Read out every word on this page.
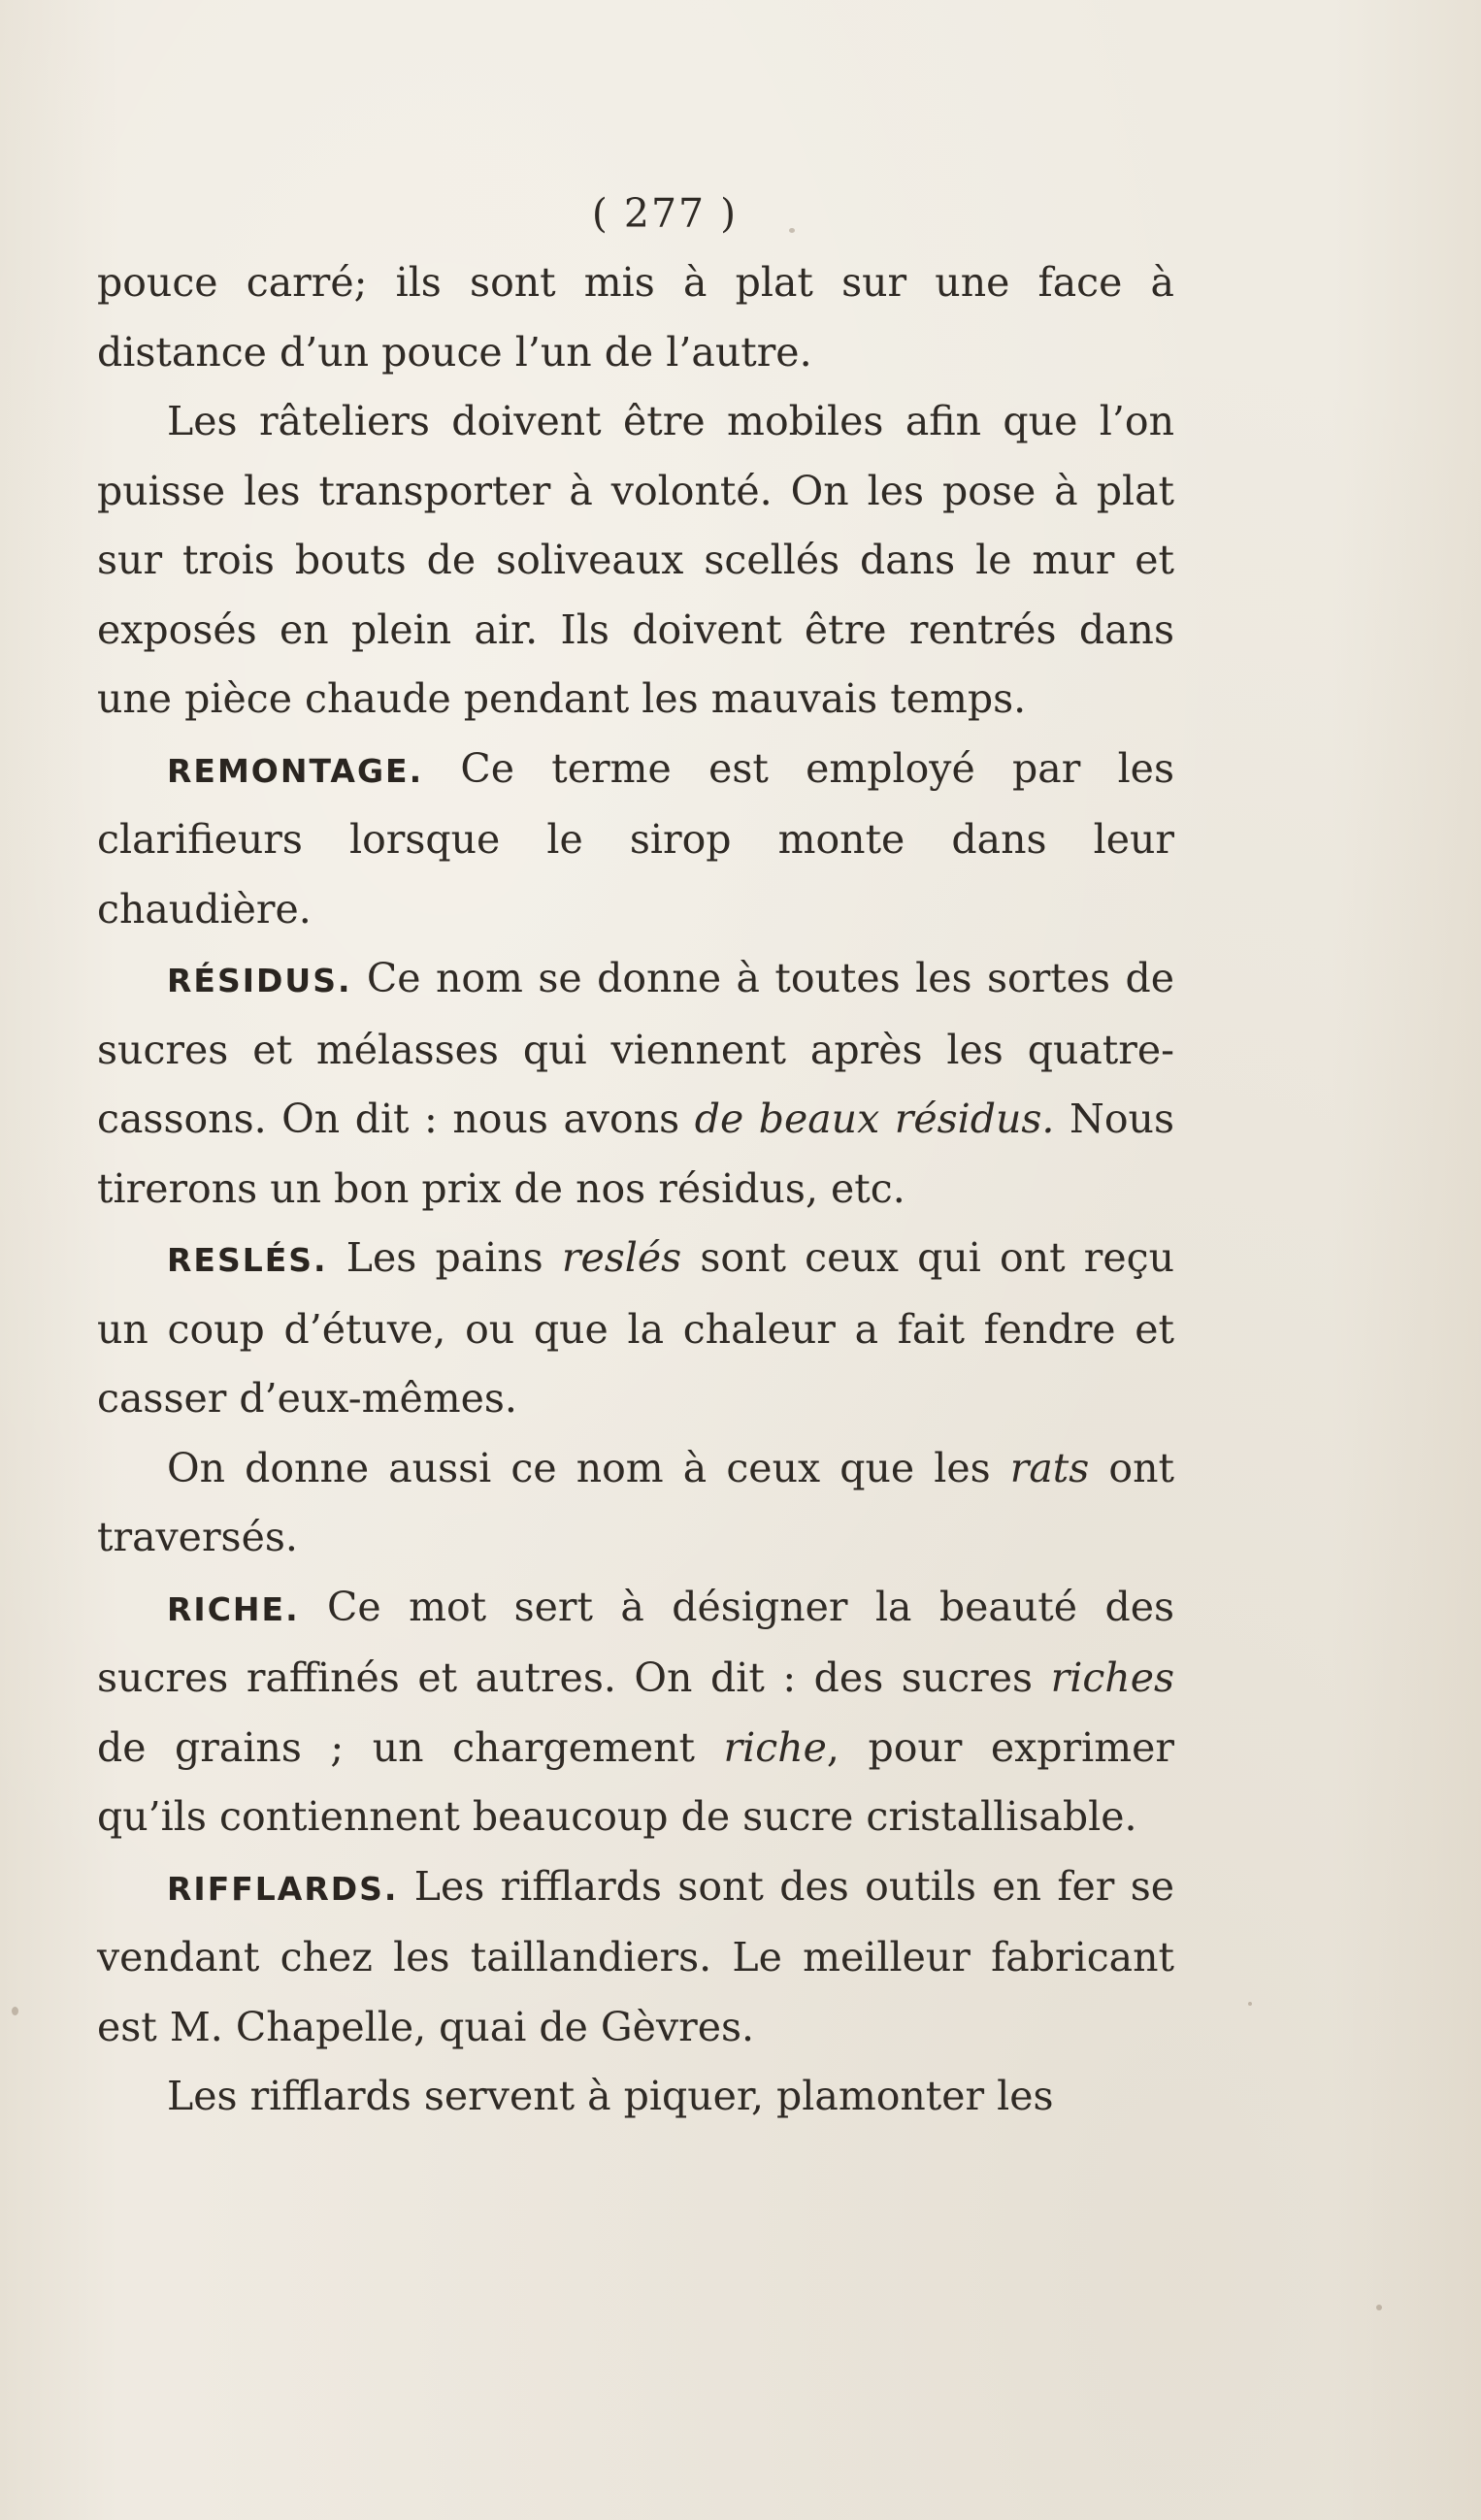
( 277 )

pouce carré; ils sont mis à plat sur une face à distance d’un pouce l’un de l’autre.

Les râteliers doivent être mobiles afin que l’on puisse les transporter à volonté. On les pose à plat sur trois bouts de soliveaux scellés dans le mur et exposés en plein air. Ils doivent être rentrés dans une pièce chaude pendant les mauvais temps.

REMONTAGE. Ce terme est employé par les clarifieurs lorsque le sirop monte dans leur chaudière.

RÉSIDUS. Ce nom se donne à toutes les sortes de sucres et mélasses qui viennent après les quatre-cassons. On dit : nous avons de beaux résidus. Nous tirerons un bon prix de nos résidus, etc.

RESLÉS. Les pains reslés sont ceux qui ont reçu un coup d’étuve, ou que la chaleur a fait fendre et casser d’eux-mêmes.

On donne aussi ce nom à ceux que les rats ont traversés.

RICHE. Ce mot sert à désigner la beauté des sucres raffinés et autres. On dit : des sucres riches de grains ; un chargement riche, pour exprimer qu’ils contiennent beaucoup de sucre cristallisable.

RIFFLARDS. Les rifflards sont des outils en fer se vendant chez les taillandiers. Le meilleur fabricant est M. Chapelle, quai de Gèvres.

Les rifflards servent à piquer, plamonter les
